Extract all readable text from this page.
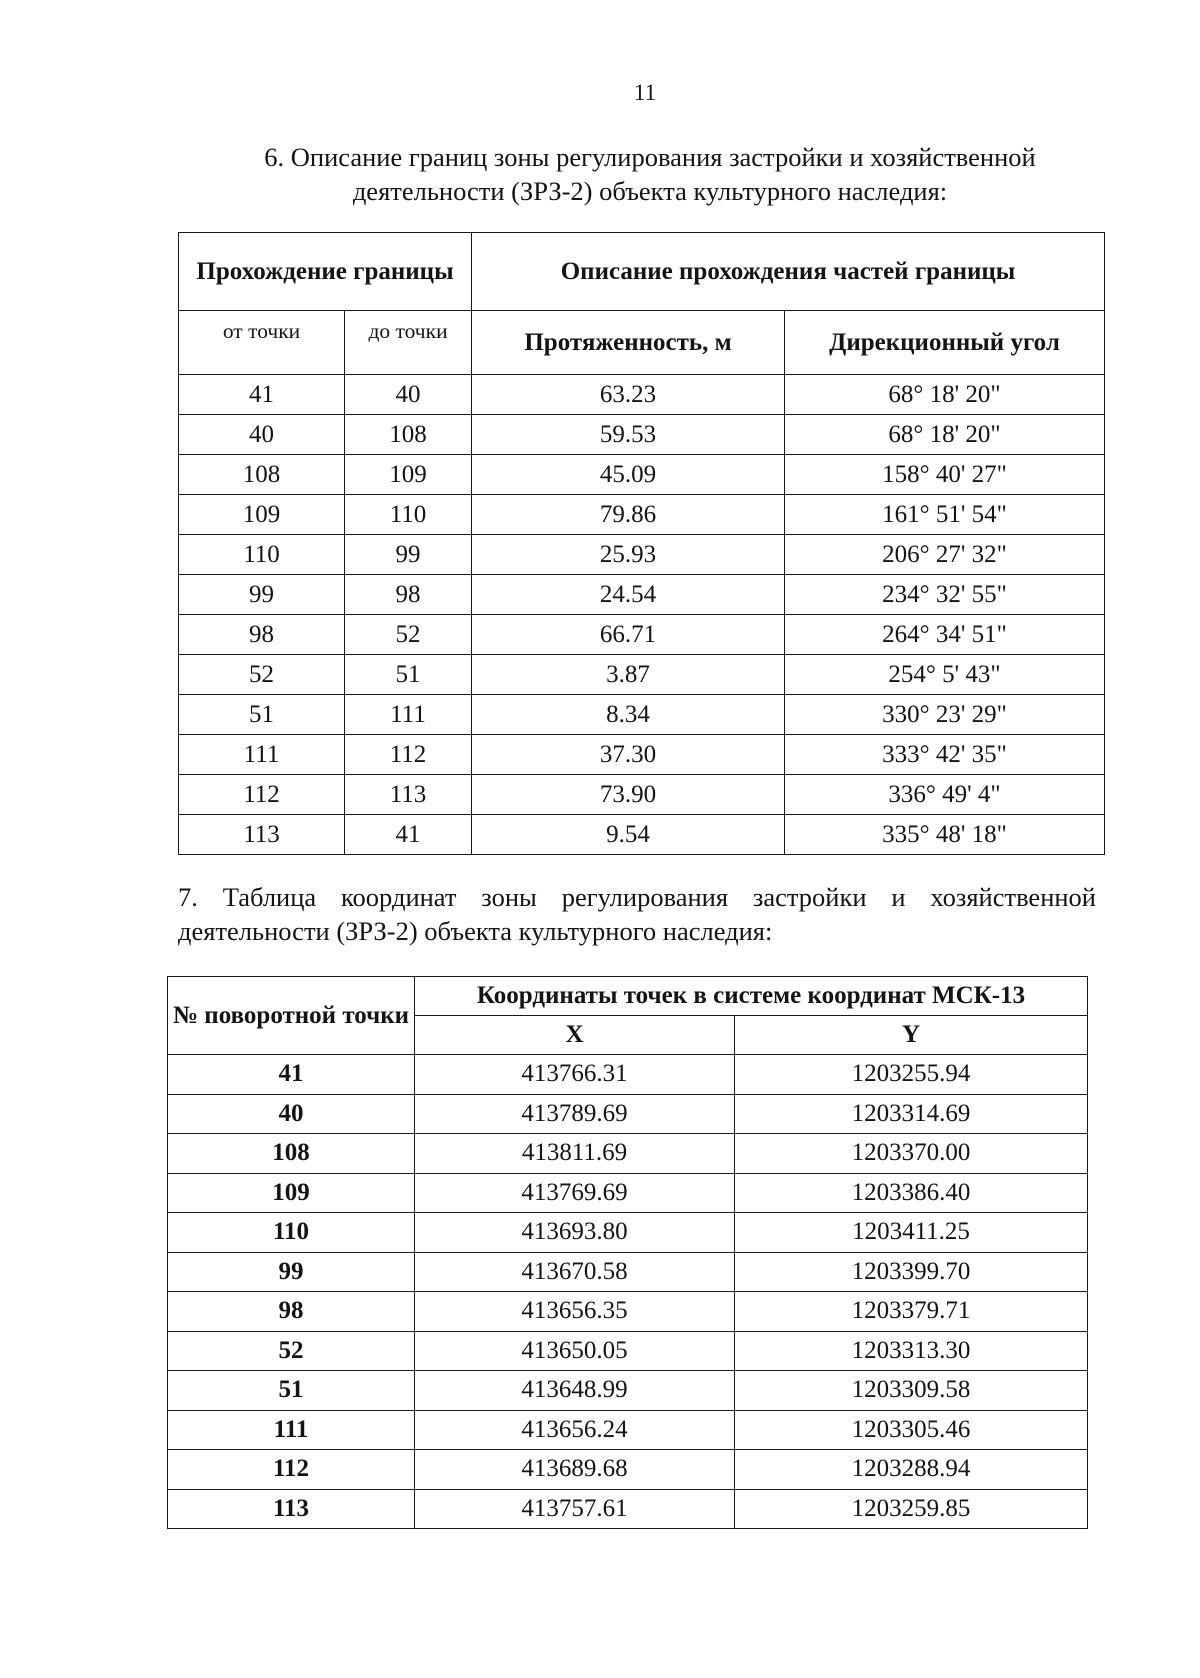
11
6. Описание границ зоны регулирования застройки и хозяйственной
деятельности (ЗРЗ-2) объекта культурного наследия:
Прохождение границы		Описание прохождения частей границы	
от точки	до точки	Протяженность, м	Дирекционный угол
41	40	63.23	68° 18' 20"
40	108	59.53	68° 18' 20"
108	109	45.09	158° 40' 27"
109	110	79.86	161° 51' 54"
110	99	25.93	206° 27' 32"
99	98	24.54	234° 32' 55"
98	52	66.71	264° 34' 51"
52	51	3.87	254° 5' 43"
51	111	8.34	330° 23' 29"
111	112	37.30	333° 42' 35"
112	113	73.90	336° 49' 4"
113	41	9.54	335° 48' 18"
7. Таблица координат зоны регулирования застройки и хозяйственной деятельности (ЗРЗ-2) объекта культурного наследия:
№ поворотной точки	Координаты точек в системе координат МСК-13	
	X	Y
41	413766.31	1203255.94
40	413789.69	1203314.69
108	413811.69	1203370.00
109	413769.69	1203386.40
110	413693.80	1203411.25
99	413670.58	1203399.70
98	413656.35	1203379.71
52	413650.05	1203313.30
51	413648.99	1203309.58
111	413656.24	1203305.46
112	413689.68	1203288.94
113	413757.61	1203259.85
